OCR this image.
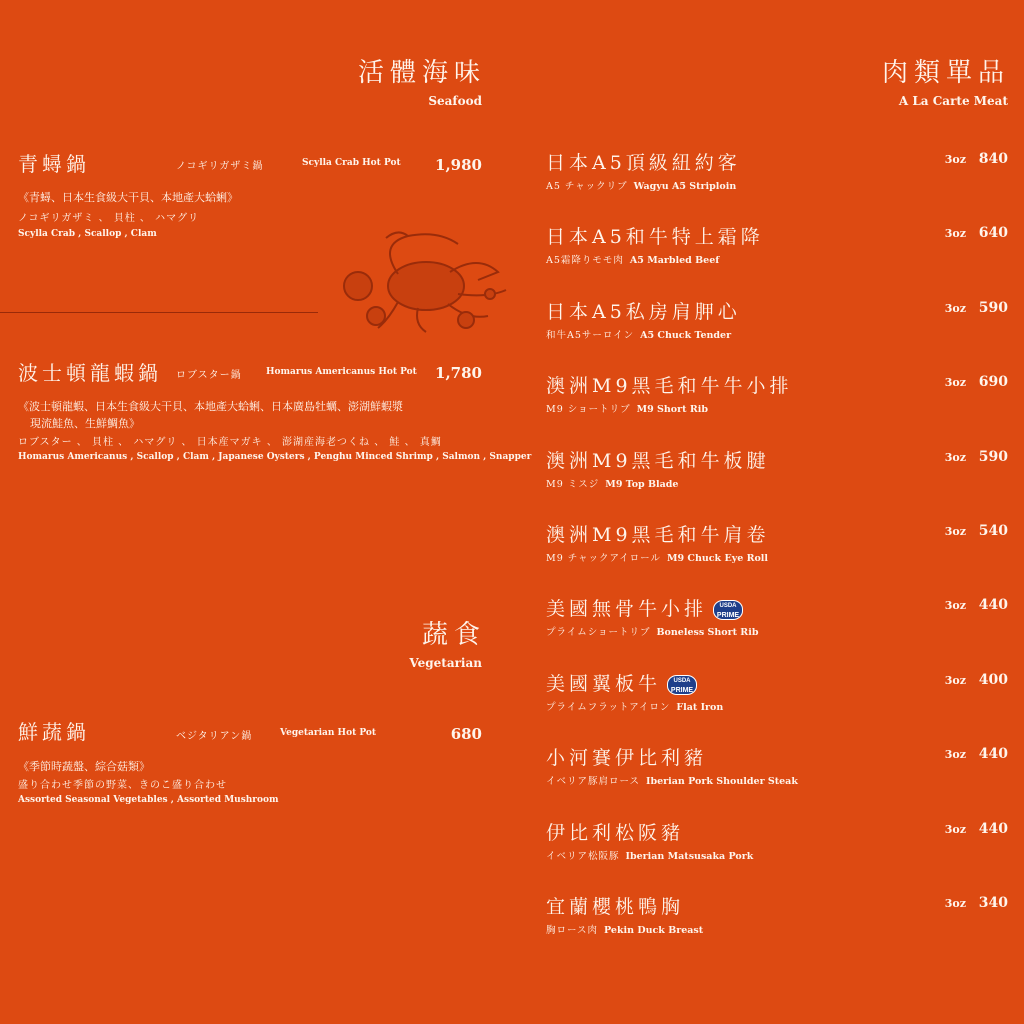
活體海味
Seafood
青蟳鍋	ノコギリガザミ鍋	Scylla Crab Hot Pot 1,980
《青蟳、日本生食級大干貝、本地產大蛤蜊》
ノコギリガザミ 、 貝柱 、 ハマグリ
Scylla Crab , Scallop , Clam
波士頓龍蝦鍋 ロブスター鍋	Homarus Americanus Hot Pot 1,780
《波士頓龍蝦、日本生食級大干貝、本地產大蛤蜊、日本廣島牡蠣、澎湖鮮蝦漿
現流鮭魚、生鮮鯛魚》
ロブスター 、 貝柱 、 ハマグリ 、 日本産マガキ 、 澎湖産海老つくね 、 鮭 、 真鯛
Homarus Americanus , Scallop , Clam , Japanese Oysters , Penghu Minced Shrimp , Salmon , Snapper
蔬食
Vegetarian
鮮蔬鍋	ベジタリアン鍋	Vegetarian Hot Pot	680
《季節時蔬盤、綜合菇類》
盛り合わせ季節の野菜、きのこ盛り合わせ
Assorted Seasonal Vegetables , Assorted Mushroom
肉類單品
A La Carte Meat
日本A5頂級紐約客
A5 チャックリブ Wagyu A5 Striploin
3oz 840
日本A5和牛特上霜降
A5霜降りモモ肉 A5 Marbled Beef
3oz 640
日本A5私房肩胛心
和牛A5サーロイン A5 Chuck Tender
3oz 590
澳洲M9黑毛和牛牛小排
M9 ショートリブ M9 Short Rib
3oz 690
澳洲M9黑毛和牛板腱
M9 ミスジ M9 Top Blade
3oz 590
澳洲M9黑毛和牛肩卷
M9 チャックアイロール M9 Chuck Eye Roll
3oz 540
美國無骨牛小排	USDA
PRIME
プライムショートリブ Boneless Short Rib
3oz 440
美國翼板牛	USDA
PRIME
プライムフラットアイロン Flat Iron
3oz 400
小河賽伊比利豬
イベリア豚肩ロース Iberian Pork Shoulder Steak
3oz 440
伊比利松阪豬
イベリア松阪豚 Iberian Matsusaka Pork
3oz 440
宜蘭櫻桃鴨胸
胸ロース肉 Pekin Duck Breast
3oz 340
